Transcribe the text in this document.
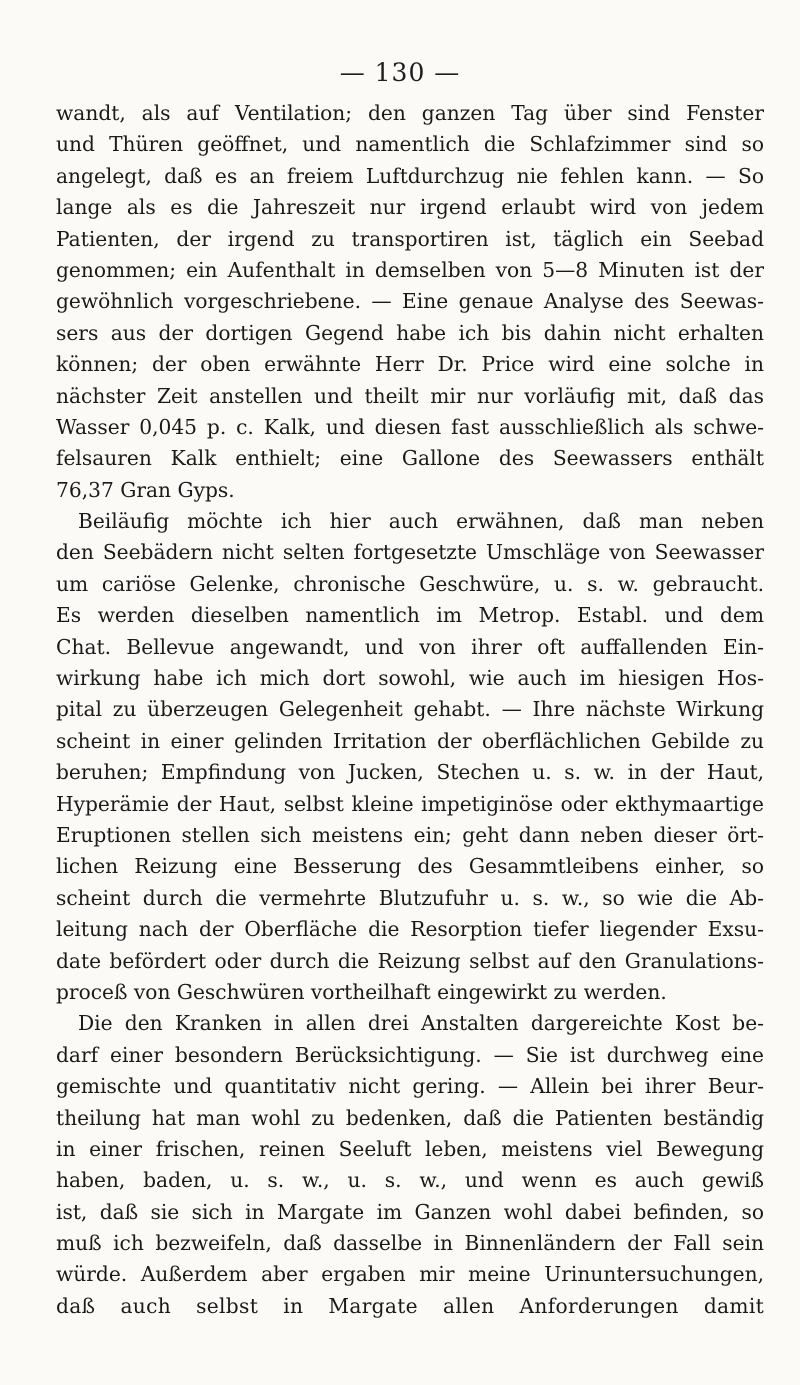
— 130 —
wandt, als auf Ventilation; den ganzen Tag über sind Fenster
und Thüren geöffnet, und namentlich die Schlafzimmer sind so
angelegt, daß es an freiem Luftdurchzug nie fehlen kann. — So
lange als es die Jahreszeit nur irgend erlaubt wird von jedem
Patienten, der irgend zu transportiren ist, täglich ein Seebad
genommen; ein Aufenthalt in demselben von 5—8 Minuten ist der
gewöhnlich vorgeschriebene. — Eine genaue Analyse des Seewas-
sers aus der dortigen Gegend habe ich bis dahin nicht erhalten
können; der oben erwähnte Herr Dr. Price wird eine solche in
nächster Zeit anstellen und theilt mir nur vorläufig mit, daß das
Wasser 0,045 p. c. Kalk, und diesen fast ausschließlich als schwe-
felsauren Kalk enthielt; eine Gallone des Seewassers enthält
76,37 Gran Gyps.
Beiläufig möchte ich hier auch erwähnen, daß man neben
den Seebädern nicht selten fortgesetzte Umschläge von Seewasser
um cariöse Gelenke, chronische Geschwüre, u. s. w. gebraucht.
Es werden dieselben namentlich im Metrop. Establ. und dem
Chat. Bellevue angewandt, und von ihrer oft auffallenden Ein-
wirkung habe ich mich dort sowohl, wie auch im hiesigen Hos-
pital zu überzeugen Gelegenheit gehabt. — Ihre nächste Wirkung
scheint in einer gelinden Irritation der oberflächlichen Gebilde zu
beruhen; Empfindung von Jucken, Stechen u. s. w. in der Haut,
Hyperämie der Haut, selbst kleine impetiginöse oder ekthymaartige
Eruptionen stellen sich meistens ein; geht dann neben dieser ört-
lichen Reizung eine Besserung des Gesammtleibens einher, so
scheint durch die vermehrte Blutzufuhr u. s. w., so wie die Ab-
leitung nach der Oberfläche die Resorption tiefer liegender Exsu-
date befördert oder durch die Reizung selbst auf den Granulations-
proceß von Geschwüren vortheilhaft eingewirkt zu werden.
Die den Kranken in allen drei Anstalten dargereichte Kost be-
darf einer besondern Berücksichtigung. — Sie ist durchweg eine
gemischte und quantitativ nicht gering. — Allein bei ihrer Beur-
theilung hat man wohl zu bedenken, daß die Patienten beständig
in einer frischen, reinen Seeluft leben, meistens viel Bewegung
haben, baden, u. s. w., u. s. w., und wenn es auch gewiß
ist, daß sie sich in Margate im Ganzen wohl dabei befinden, so
muß ich bezweifeln, daß dasselbe in Binnenländern der Fall sein
würde. Außerdem aber ergaben mir meine Urinuntersuchungen,
daß auch selbst in Margate allen Anforderungen damit
